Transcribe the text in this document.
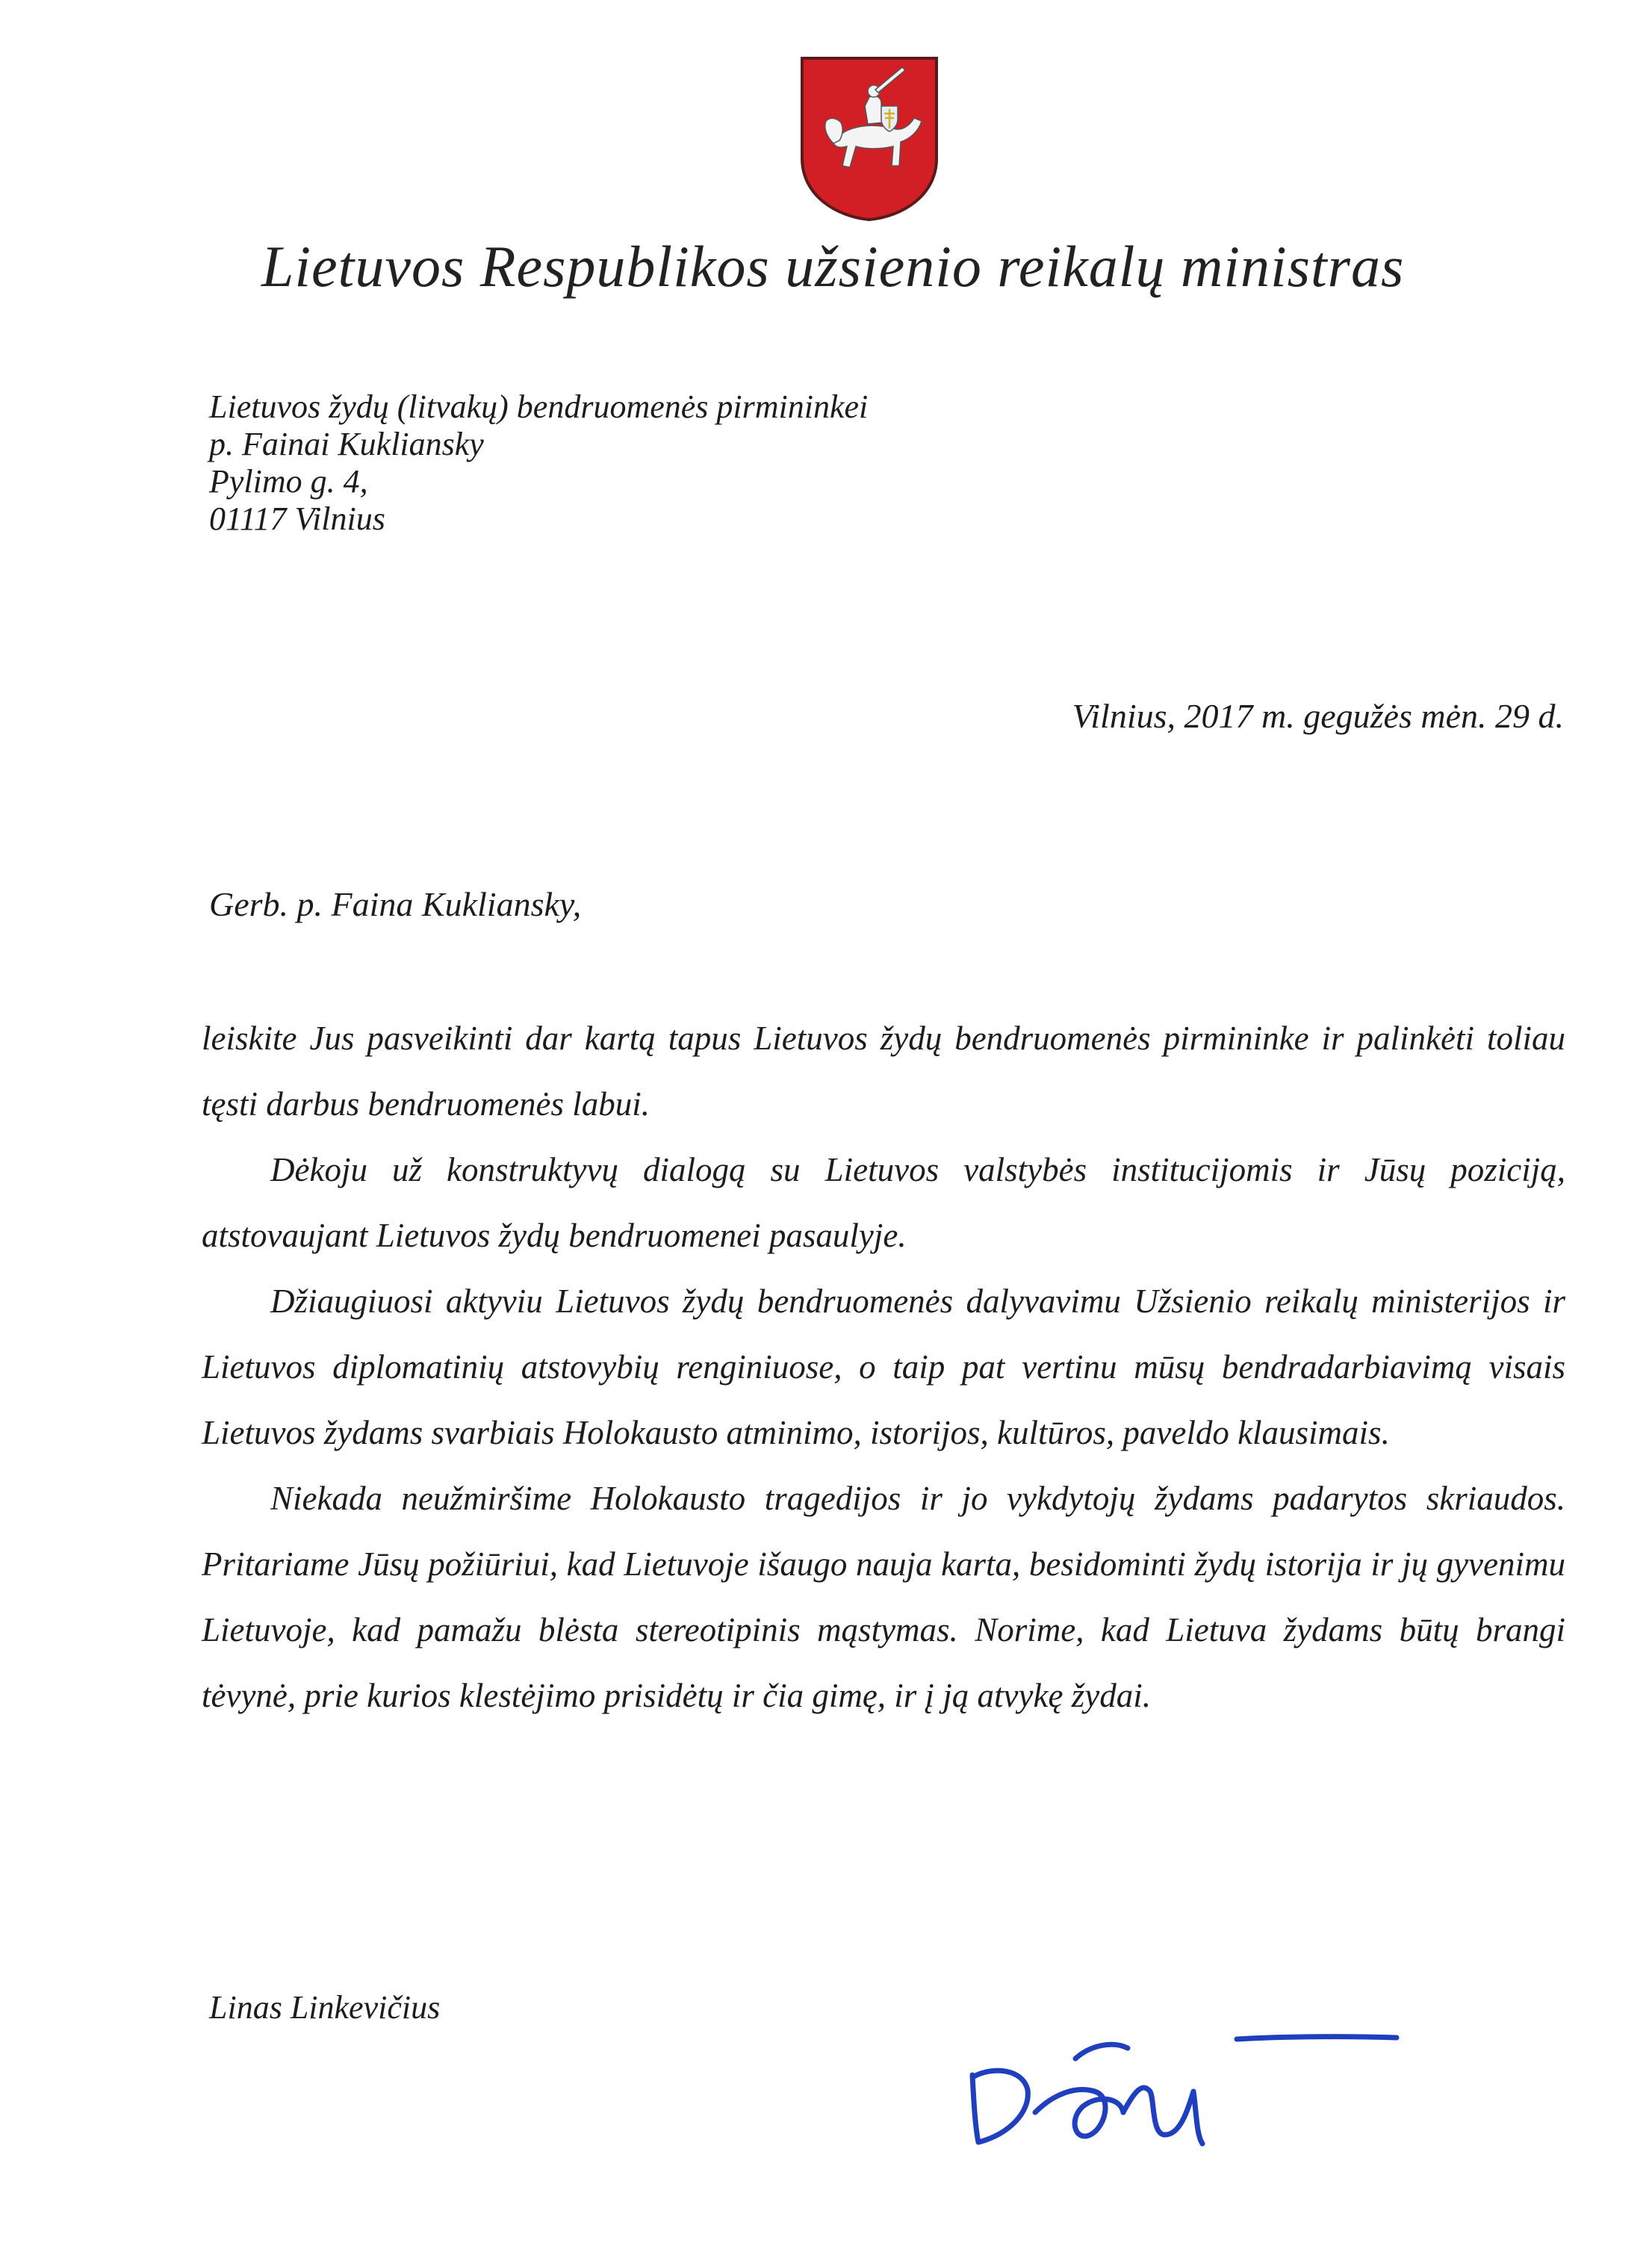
Lietuvos Respublikos užsienio reikalų ministras
Lietuvos žydų (litvakų) bendruomenės pirmininkei
p. Fainai Kukliansky
Pylimo g. 4,
01117 Vilnius
Vilnius, 2017 m. gegužės mėn. 29 d.
Gerb. p. Faina Kukliansky,

leiskite Jus pasveikinti dar kartą tapus Lietuvos žydų bendruomenės pirmininke ir palinkėti toliau tęsti darbus bendruomenės labui.

Dėkoju už konstruktyvų dialogą su Lietuvos valstybės institucijomis ir Jūsų poziciją, atstovaujant Lietuvos žydų bendruomenei pasaulyje.

Džiaugiuosi aktyviu Lietuvos žydų bendruomenės dalyvavimu Užsienio reikalų ministerijos ir Lietuvos diplomatinių atstovybių renginiuose, o taip pat vertinu mūsų bendradarbiavimą visais Lietuvos žydams svarbiais Holokausto atminimo, istorijos, kultūros, paveldo klausimais.

Niekada neužmiršime Holokausto tragedijos ir jo vykdytojų žydams padarytos skriaudos. Pritariame Jūsų požiūriui, kad Lietuvoje išaugo nauja karta, besidominti žydų istorija ir jų gyvenimu Lietuvoje, kad pamažu blėsta stereotipinis mąstymas. Norime, kad Lietuva žydams būtų brangi tėvynė, prie kurios klestėjimo prisidėtų ir čia gimę, ir į ją atvykę žydai.

Linas Linkevičius
